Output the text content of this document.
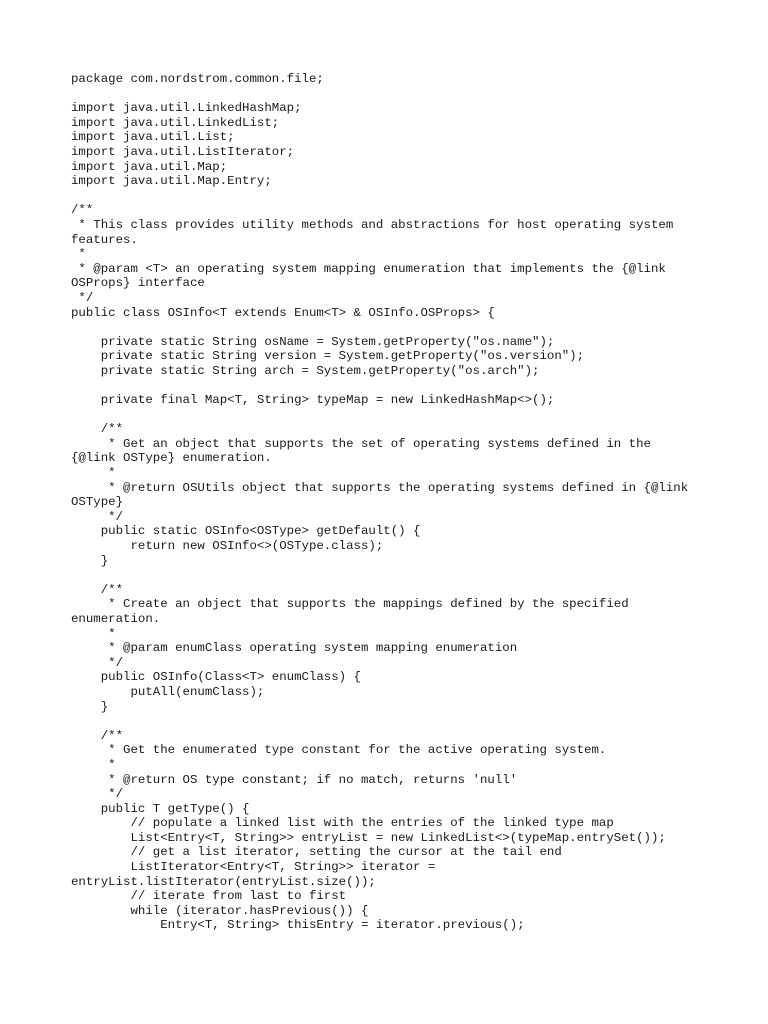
package com.nordstrom.common.file;
import java.util.LinkedHashMap;
import java.util.LinkedList;
import java.util.List;
import java.util.ListIterator;
import java.util.Map;
import java.util.Map.Entry;
/**
* This class provides utility methods and abstractions for host operating system
features.
*
* @param <T> an operating system mapping enumeration that implements the {@link
OSProps} interface
*/
public class OSInfo<T extends Enum<T> & OSInfo.OSProps> {
private static String osName = System.getProperty("os.name");
private static String version = System.getProperty("os.version");
private static String arch = System.getProperty("os.arch");
private final Map<T, String> typeMap = new LinkedHashMap<>();
/**
* Get an object that supports the set of operating systems defined in the
{@link OSType} enumeration.
*
* @return OSUtils object that supports the operating systems defined in {@link
OSType}
*/
public static OSInfo<OSType> getDefault() {
return new OSInfo<>(OSType.class);
}
/**
* Create an object that supports the mappings defined by the specified
enumeration.
*
* @param enumClass operating system mapping enumeration
*/
public OSInfo(Class<T> enumClass) {
putAll(enumClass);
}
/**
* Get the enumerated type constant for the active operating system.
*
* @return OS type constant; if no match, returns 'null'
*/
public T getType() {
// populate a linked list with the entries of the linked type map
List<Entry<T, String>> entryList = new LinkedList<>(typeMap.entrySet());
// get a list iterator, setting the cursor at the tail end
ListIterator<Entry<T, String>> iterator =
entryList.listIterator(entryList.size());
// iterate from last to first
while (iterator.hasPrevious()) {
Entry<T, String> thisEntry = iterator.previous();
